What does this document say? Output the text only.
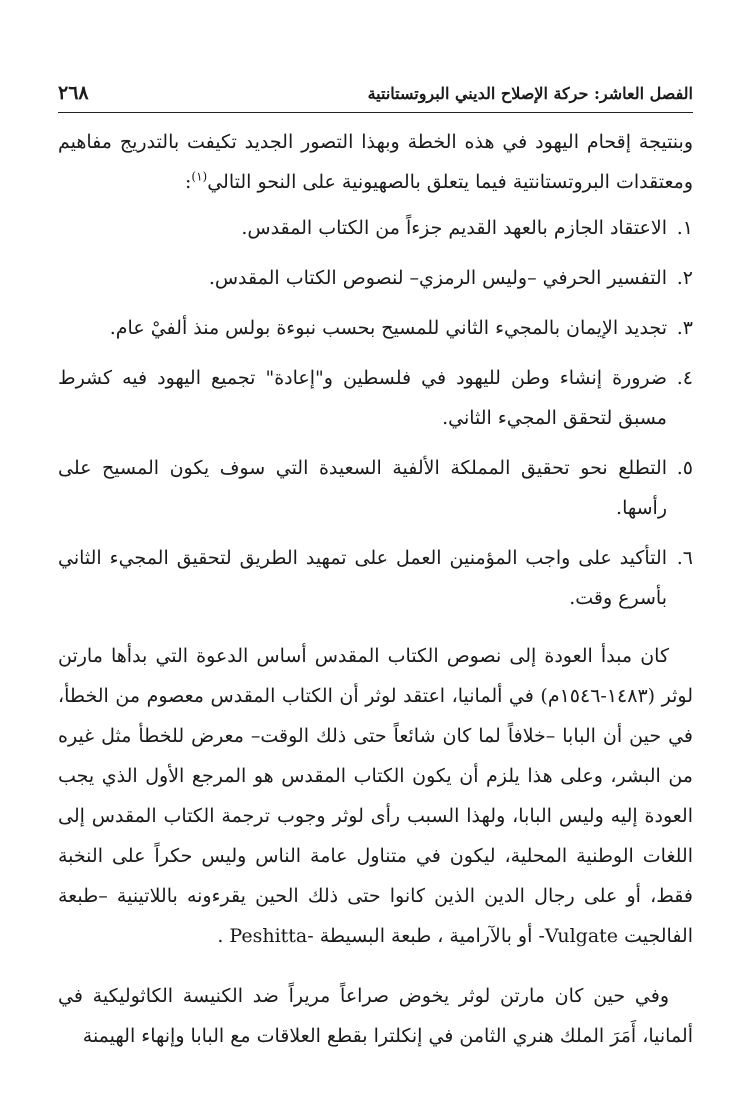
الفصل العاشر: حركة الإصلاح الديني البروتستانتية
٢٦٨

وبنتيجة إقحام اليهود في هذه الخطة وبهذا التصور الجديد تكيفت بالتدريج مفاهيم ومعتقدات البروتستانتية فيما يتعلق بالصهيونية على النحو التالي$^{(١)}$:

١.
الاعتقاد الجازم بالعهد القديم جزءاً من الكتاب المقدس.
٢.
التفسير الحرفي –وليس الرمزي– لنصوص الكتاب المقدس.
٣.
تجديد الإيمان بالمجيء الثاني للمسيح بحسب نبوءة بولس منذ ألفيْ عام.
٤.
ضرورة إنشاء وطن لليهود في فلسطين و"إعادة" تجميع اليهود فيه كشرط مسبق لتحقق المجيء الثاني.
٥.
التطلع نحو تحقيق المملكة الألفية السعيدة التي سوف يكون المسيح على رأسها.
٦.
التأكيد على واجب المؤمنين العمل على تمهيد الطريق لتحقيق المجيء الثاني بأسرع وقت.

كان مبدأ العودة إلى نصوص الكتاب المقدس أساس الدعوة التي بدأها مارتن لوثر (١٤٨٣-١٥٤٦م) في ألمانيا، اعتقد لوثر أن الكتاب المقدس معصوم من الخطأ، في حين أن البابا –خلافاً لما كان شائعاً حتى ذلك الوقت– معرض للخطأ مثل غيره من البشر، وعلى هذا يلزم أن يكون الكتاب المقدس هو المرجع الأول الذي يجب العودة إليه وليس البابا، ولهذا السبب رأى لوثر وجوب ترجمة الكتاب المقدس إلى اللغات الوطنية المحلية، ليكون في متناول عامة الناس وليس حكراً على النخبة فقط، أو على رجال الدين الذين كانوا حتى ذلك الحين يقرءونه باللاتينية –طبعة الفالجيت ‎-Vulgate‎ أو بالآرامية ، طبعة البسيطة ‎. Peshitta-‎

وفي حين كان مارتن لوثر يخوض صراعاً مريراً ضد الكنيسة الكاثوليكية في ألمانيا، أَمَرَ الملك هنري الثامن في إنكلترا بقطع العلاقات مع البابا وإنهاء الهيمنة
